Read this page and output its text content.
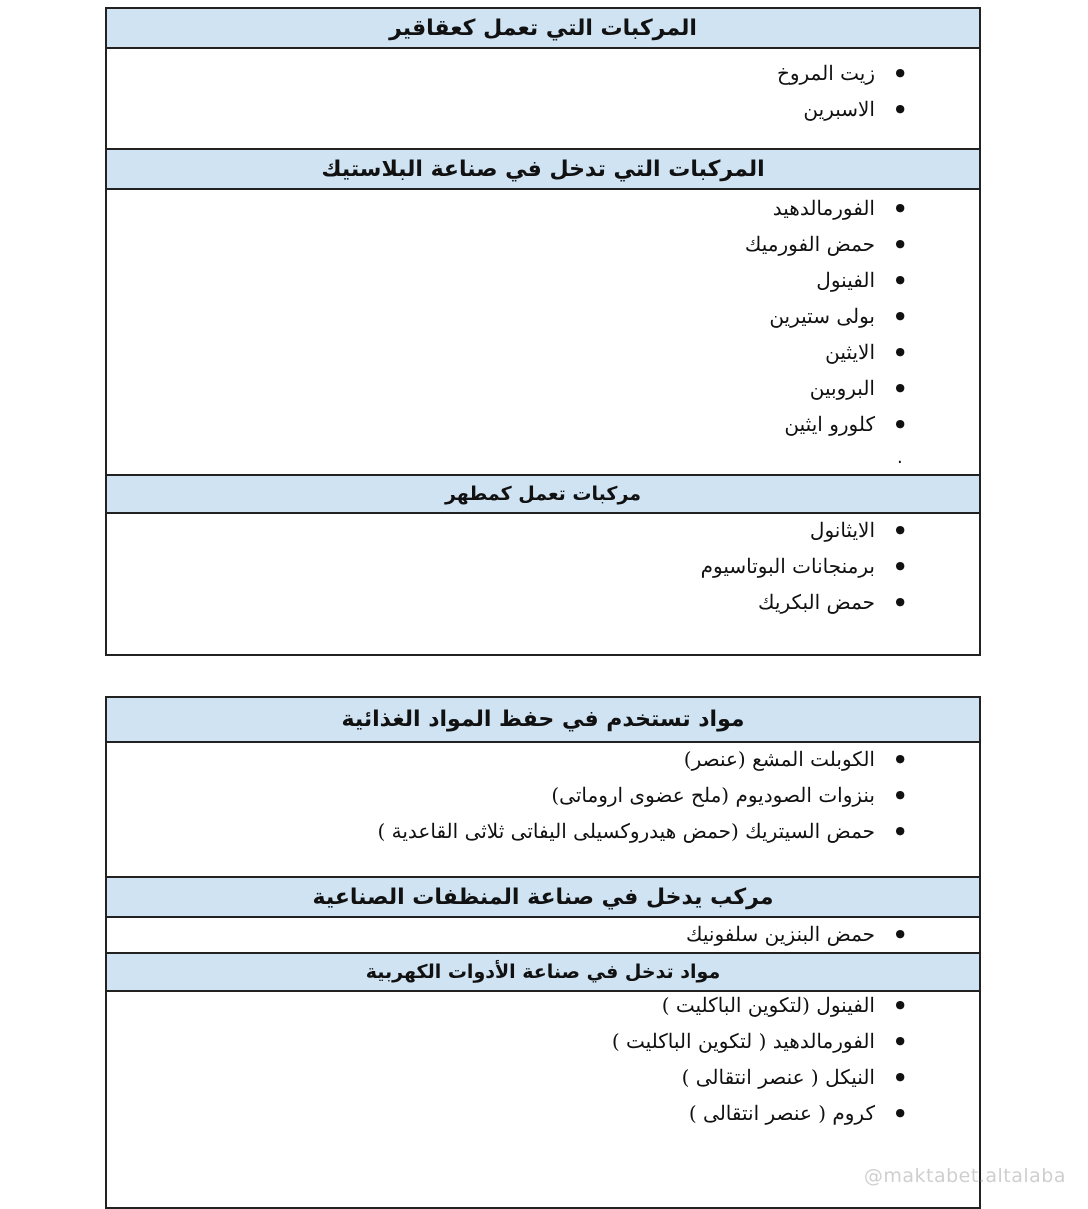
المركبات التي تعمل كعقاقير
● زيت المروخ
● الاسبرين
المركبات التي تدخل في صناعة البلاستيك
● الفورمالدهيد
● حمض الفورميك
● الفينول
● بولى ستيرين
● الايثين
● البروبين
● كلورو ايثين
.
مركبات تعمل كمطهر
● الايثانول
● برمنجانات البوتاسيوم
● حمض البكريك
مواد تستخدم في حفظ المواد الغذائية
● الكوبلت المشع (عنصر)
● بنزوات الصوديوم (ملح عضوى اروماتى)
● حمض السيتريك (حمض هيدروكسيلى اليفاتى ثلاثى القاعدية )
مركب يدخل في صناعة المنظفات الصناعية
● حمض البنزين سلفونيك
مواد تدخل في صناعة الأدوات الكهربية
● الفينول (لتكوين الباكليت )
● الفورمالدهيد ( لتكوين الباكليت )
● النيكل ( عنصر انتقالى )
● كروم ( عنصر انتقالى )
@maktabet.altalaba
